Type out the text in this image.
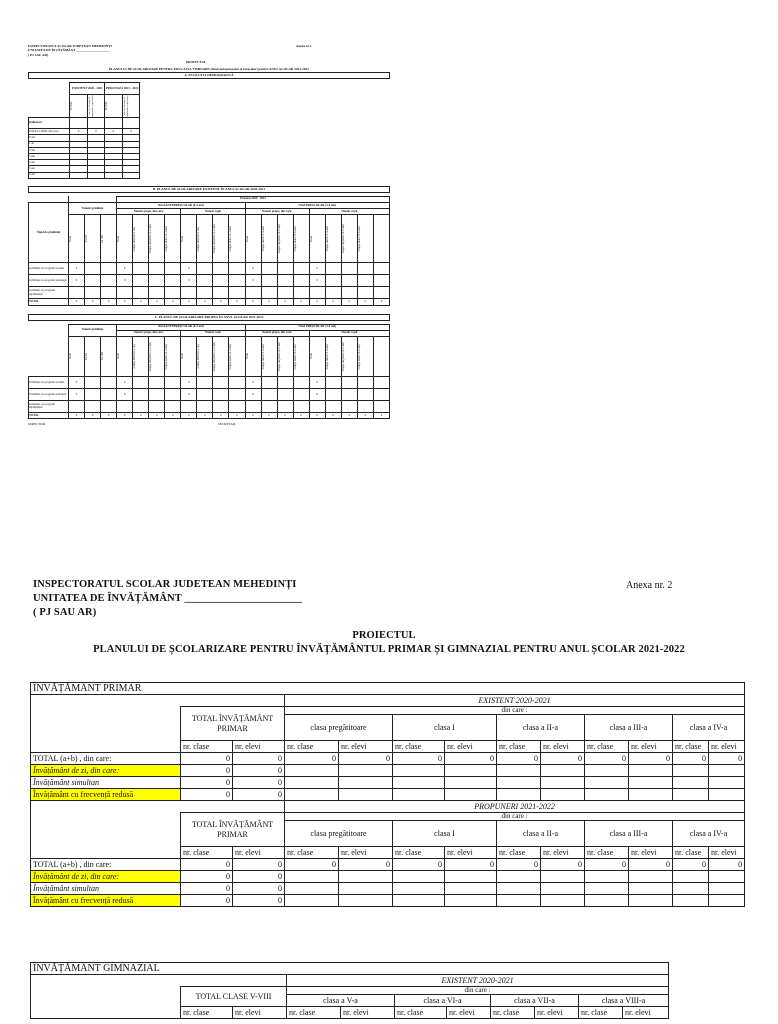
INSPECTORATUL ȘCOLAR JUDEȚEAN MEHEDINȚI
UNITATEA DE ÎNVĂȚĂMÂNT ____________________
( PJ SAU AR)
Anexa nr.1
PROIECTUL
PLANULUI DE ȘCOLARIZARE PENTRU EDUCAȚIA TIMPURIE (nivel antepreșcolar și preșcolar) pentru ANUL ȘCOLAR 2021-2022
A. EVOLUȚIA DEMOGRAFICĂ
	EXISTENT 2020 - 2021		PROGNOZĂ 2021 - 2022	

	TOTAL	din care în zona de cuprindere a grădiniței	TOTAL	din care în zona de cuprindere a grădiniței

Indicatori				
TOTAL COPII, din care:	0	0	0	0
0 ani				
1 an				
2 ani				
3 ani				
4 ani				
5 ani				
6 ani				
B. PLANUL DE ȘCOLARIZARE EXISTENT ÎN ANUL ȘCOLAR 2020-2021
				Existent 2020 - 2021																
Tipul de grădiniță	Număr grădinițe			Nivel ANTEPREȘCOLAR (0-3 ani)								Nivel PREȘCOLAR (3-6 ani)								
				Număr grupe, din care:				Număr copii				Număr grupe, din care:				Număr copii				

	Total	Cu PJ	Ca AR	Total	Grupa mică (0-1 an)	Grupa mijlocie (1-2 ani)	Grupa mare (2-3 ani)	Total	Grupa mică (0-1 an)	Grupa mijlocie (1-2 ani)	Grupa mare (2-3 ani)	Total	Grupa mică (3-4 ani)	Grupa mijlocie (4-5 ani)	Grupa mare (5-6 ani)	Total	Grupa mică (3-4 ani)	Grupa mijlocie (4-5 ani)	Grupa mare (5-6 ani)	

Grădinițe cu program normal	0			0				0				0				0				
Grădinițe cu program prelungit	0			0				0				0				0				
Grădinițe cu program săptămânal																				
TOTAL	0	0	0	0	0	0	0	0	0	0	0	0	0	0	0	0	0	0	0	0
C. PLANUL DE ȘCOLARIZARE PROPUS ÎN ANUL ȘCOLAR 2021-2022
	Număr grădinițe			Nivel ANTEPREȘCOLAR (0-3 ani)								Nivel PREȘCOLAR (3-6 ani)								
				Număr grupe, din care:				Număr copii				Număr grupe, din care:				Număr copii				

	Total	Cu PJ	Ca AR	Total	Grupa mică (0-1 an)	Grupa mijlocie (1-2 ani)	Grupa mare (2-3 ani)	Total	Grupa mică (0-1 an)	Grupa mijlocie (1-2 ani)	Grupa mare (2-3 ani)	Total	Grupa mică (3-4 ani)	Grupa mijlocie (4-5 ani)	Grupa mare (5-6 ani)	Total	Grupa mică (3-4 ani)	Grupa mijlocie (4-5 ani)	Grupa mare (5-6 ani)	

Grădinițe cu program normal	0			0				0				0				0				
Grădinițe cu program prelungit	0			0				0				0				0				
Grădinițe cu program săptămânal																				
TOTAL	0	0	0	0	0	0	0	0	0	0	0	0	0	0	0	0	0	0	0	0
DIRECTOR,	SECRETAR,
INSPECTORATUL SCOLAR JUDETEAN MEHEDINȚI
UNITATEA DE ÎNVĂȚĂMÂNT ______________________
( PJ SAU AR)
Anexa nr. 2
PROIECTUL
PLANULUI DE ȘCOLARIZARE PENTRU ÎNVĂȚĂMÂNTUL PRIMAR ȘI GIMNAZIAL PENTRU ANUL ȘCOLAR 2021-2022
ÎNVĂȚĂMÂNT PRIMAR												
			EXISTENT 2020-2021									
	TOTAL ÎNVĂȚĂMÂNT PRIMAR		din care :									
			clasa pregătitoare		clasa I		clasa a II-a		clasa a III-a		clasa a IV-a	
	nr. clase	nr. elevi	nr. clase	nr. elevi	nr. clase	nr. elevi	nr. clase	nr. elevi	nr. clase	nr. elevi	nr. clase	nr. elevi
TOTAL (a+b) , din care:	0	0	0	0	0	0	0	0	0	0	0	0
Învățământ de zi, din care:	0	0										
Învățământ simultan	0	0										
Învățământ cu frecvență redusă	0	0										
			PROPUNERI 2021-2022									
	TOTAL ÎNVĂȚĂMÂNT PRIMAR		din care :									
			clasa pregătitoare		clasa I		clasa a II-a		clasa a III-a		clasa a IV-a	
	nr. clase	nr. elevi	nr. clase	nr. elevi	nr. clase	nr. elevi	nr. clase	nr. elevi	nr. clase	nr. elevi	nr. clase	nr. elevi
TOTAL (a+b) , din care:	0	0	0	0	0	0	0	0	0	0	0	0
Învățământ de zi, din care:	0	0										
Învățământ simultan	0	0										
Învățământ cu frecvență redusă	0	0										
ÎNVĂȚĂMÂNT GIMNAZIAL										
			EXISTENT 2020-2021							
	TOTAL CLASE V-VIII		din care :							
			clasa a V-a		clasa a VI-a		clasa a VII-a		clasa a VIII-a	
	nr. clase	nr. elevi	nr. clase	nr. elevi	nr. clase	nr. elevi	nr. clase	nr. elevi	nr. clase	nr. elevi
